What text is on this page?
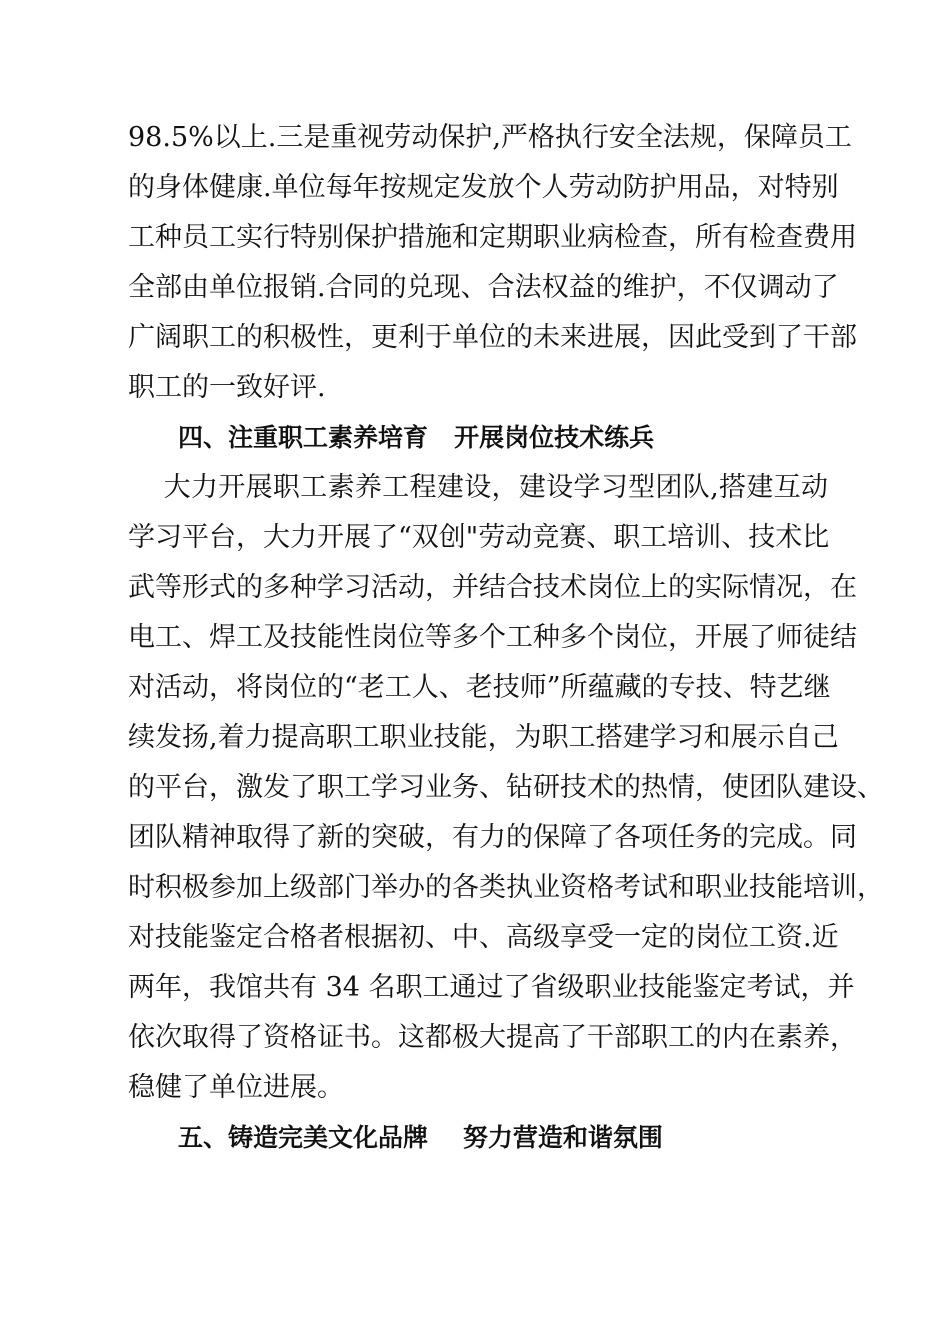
98.5%以上.三是重视劳动保护,严格执行安全法规，保障员工
的身体健康.单位每年按规定发放个人劳动防护用品，对特别
工种员工实行特别保护措施和定期职业病检查，所有检查费用
全部由单位报销.合同的兑现、合法权益的维护，不仅调动了
广阔职工的积极性，更利于单位的未来进展，因此受到了干部
职工的一致好评.
四、注重职工素养培育   开展岗位技术练兵
大力开展职工素养工程建设，建设学习型团队,搭建互动
学习平台，大力开展了“双创"劳动竞赛、职工培训、技术比
武等形式的多种学习活动，并结合技术岗位上的实际情况，在
电工、焊工及技能性岗位等多个工种多个岗位，开展了师徒结
对活动，将岗位的“老工人、老技师”所蕴藏的专技、特艺继
续发扬,着力提高职工职业技能，为职工搭建学习和展示自己
的平台，激发了职工学习业务、钻研技术的热情，使团队建设、
团队精神取得了新的突破，有力的保障了各项任务的完成。同
时积极参加上级部门举办的各类执业资格考试和职业技能培训，
对技能鉴定合格者根据初、中、高级享受一定的岗位工资.近
两年，我馆共有 34 名职工通过了省级职业技能鉴定考试，并
依次取得了资格证书。这都极大提高了干部职工的内在素养，
稳健了单位进展。
五、铸造完美文化品牌    努力营造和谐氛围
